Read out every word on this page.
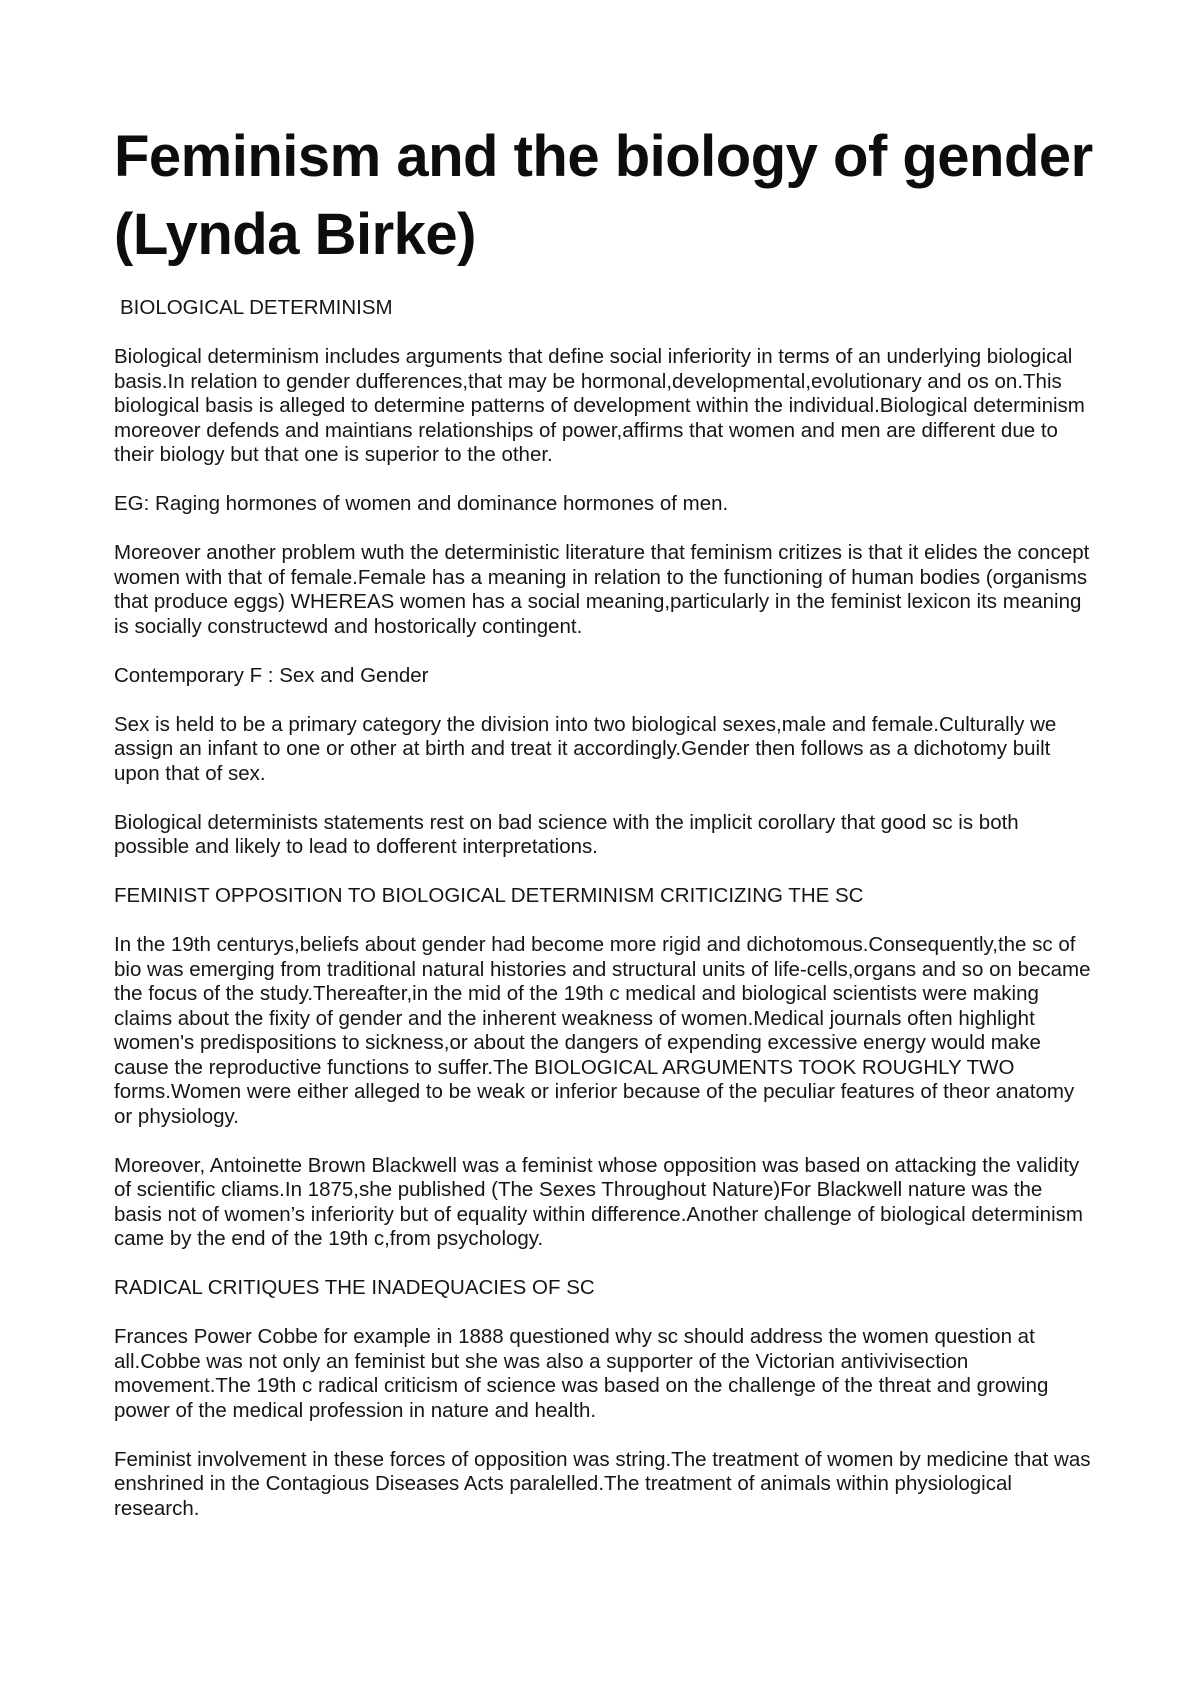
Feminism and the biology of gender (Lynda Birke)
BIOLOGICAL DETERMINISM

Biological determinism includes arguments that define social inferiority in terms of an underlying biological basis.In relation to gender dufferences,that may be hormonal,developmental,evolutionary and os on.This biological basis is alleged to determine patterns of development within the individual.Biological determinism moreover defends and maintians relationships of power,affirms that women and men are different due to their biology but that one is superior to the other.

EG: Raging hormones of women and dominance hormones of men.

Moreover another problem wuth the deterministic literature that feminism critizes is that it elides the concept women with that of female.Female has a meaning in relation to the functioning of human bodies (organisms that produce eggs) WHEREAS women has a social meaning,particularly in the feminist lexicon its meaning is socially constructewd and hostorically contingent.

Contemporary F : Sex and Gender

Sex is held to be a primary category the division into two biological sexes,male and female.Culturally we assign an infant to one or other at birth and treat it accordingly.Gender then follows as a dichotomy built upon that of sex.

Biological determinists statements rest on bad science with the implicit corollary that good sc is both possible and likely to lead to dofferent interpretations.

FEMINIST OPPOSITION TO BIOLOGICAL DETERMINISM CRITICIZING THE SC

In the 19th centurys,beliefs about gender had become more rigid and dichotomous.Consequently,the sc of bio was emerging from traditional natural histories and structural units of life-cells,organs and so on became the focus of the study.Thereafter,in the mid of the 19th c medical and biological scientists were making claims about the fixity of gender and the inherent weakness of women.Medical journals often highlight women's predispositions to sickness,or about the dangers of expending excessive energy would make cause the reproductive functions to suffer.The BIOLOGICAL ARGUMENTS TOOK ROUGHLY TWO forms.Women were either alleged to be weak or inferior because of the peculiar features of theor anatomy or physiology.

Moreover, Antoinette Brown Blackwell was a feminist whose opposition was based on attacking the validity of scientific cliams.In 1875,she published (The Sexes Throughout Nature)For Blackwell nature was the basis not of women’s inferiority but of equality within difference.Another challenge of biological determinism came by the end of the 19th c,from psychology.

RADICAL CRITIQUES THE INADEQUACIES OF SC

Frances Power Cobbe for example in 1888 questioned why sc should address the women question at all.Cobbe was not only an feminist but she was also a supporter of the Victorian antivivisection movement.The 19th c radical criticism of science was based on the challenge of the threat and growing power of the medical profession in nature and health.

Feminist involvement in these forces of opposition was string.The treatment of women by medicine that was enshrined in the Contagious Diseases Acts paralelled.The treatment of animals within physiological research.
